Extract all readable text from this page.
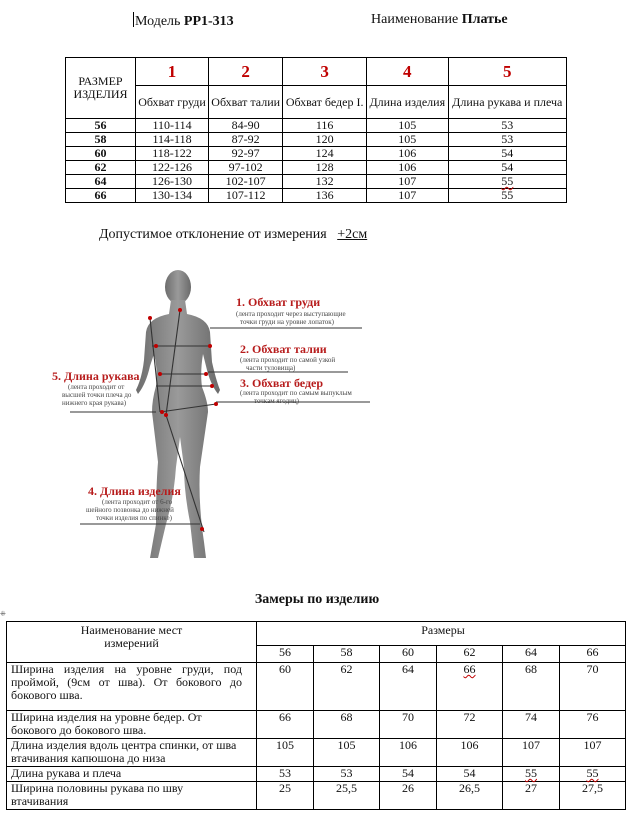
Модель PP1-313	Наименование Платье
РАЗМЕР ИЗДЕЛИЯ	1	2	3	4	5
	Обхват груди	Обхват талии	Обхват бедер I.	Длина изделия	Длина рукава и плеча
56	110-114	84-90	116	105	53
58	114-118	87-92	120	105	53
60	118-122	92-97	124	106	54
62	122-126	97-102	128	106	54
64	126-130	102-107	132	107	55
66	130-134	107-112	136	107	55
Допустимое отклонение от измерения +2см
1. Обхват груди
(лента проходит через выступающие
точки груди на уровне лопаток)
2. Обхват талии
(лента проходит по самой узкой
части туловища)
3. Обхват бедер
(лента проходит по самым выпуклым
точкам ягодиц)
5. Длина рукава
(лента проходит от
высшей точки плеча до
нижнего края рукава)
4. Длина изделия
(лента проходит от 6-го
шейного позвонка до нижней
точки изделия по спинке)
Замеры по изделию
⁜
Наименование мест измерений	Размеры					
	56	58	60	62	64	66
Ширина изделия на уровне груди, под проймой, (9см от шва). От бокового до бокового шва.	60	62	64	66	68	70
Ширина изделия на уровне бедер. От бокового до бокового шва.	66	68	70	72	74	76
Длина изделия вдоль центра спинки, от шва втачивания капюшона до низа	105	105	106	106	107	107
Длина рукава и плеча	53	53	54	54	55	55
Ширина половины рукава по шву втачивания	25	25,5	26	26,5	27	27,5
